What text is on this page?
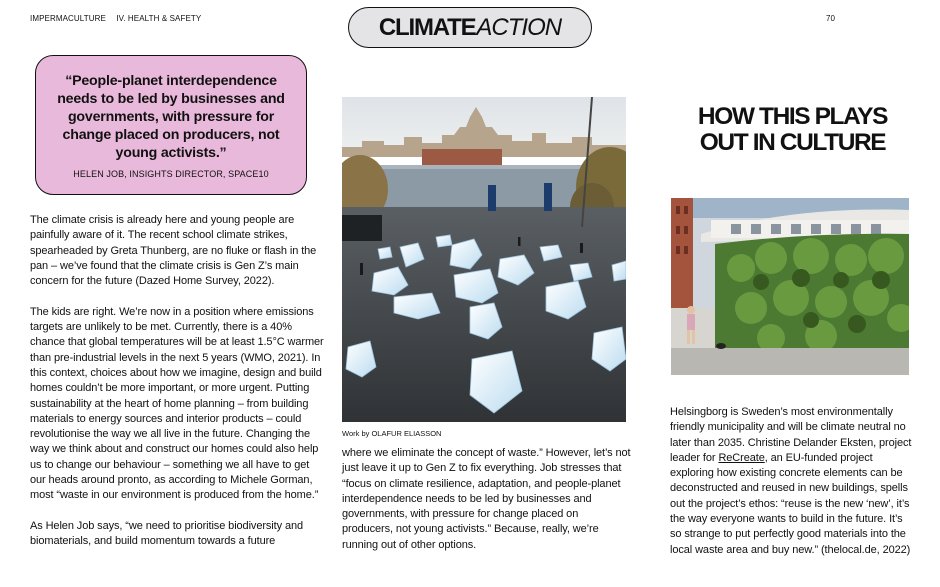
IMPERMACULTURE IV. HEALTH & SAFETY	70
CLIMATE ACTION
“People-planet interdependence needs to be led by businesses and governments, with pressure for change placed on producers, not young activists.”
HELEN JOB, INSIGHTS DIRECTOR, SPACE10

The climate crisis is already here and young people are painfully aware of it. The recent school climate strikes, spearheaded by Greta Thunberg, are no fluke or flash in the pan – we’ve found that the climate crisis is Gen Z’s main concern for the future (Dazed Home Survey, 2022).

The kids are right. We’re now in a position where emissions targets are unlikely to be met. Currently, there is a 40% chance that global temperatures will be at least 1.5°C warmer than pre-industrial levels in the next 5 years (WMO, 2021). In this context, choices about how we imagine, design and build homes couldn’t be more important, or more urgent. Putting sustainability at the heart of home planning – from building materials to energy sources and interior products – could revolutionise the way we all live in the future. Changing the way we think about and construct our homes could also help us to change our behaviour – something we all have to get our heads around pronto, as according to Michele Gorman, most “waste in our environment is produced from the home.”

As Helen Job says, “we need to prioritise biodiversity and biomaterials, and build momentum towards a future

Work by OLAFUR ELIASSON

where we eliminate the concept of waste.” However, let’s not just leave it up to Gen Z to fix everything. Job stresses that “focus on climate resilience, adaptation, and people-planet interdependence needs to be led by businesses and governments, with pressure for change placed on producers, not young activists.” Because, really, we’re running out of other options.

HOW THIS PLAYS OUT IN CULTURE

Helsingborg is Sweden’s most environmentally friendly municipality and will be climate neutral no later than 2035. Christine Delander Eksten, project leader for ReCreate, an EU-funded project exploring how existing concrete elements can be deconstructed and reused in new buildings, spells out the project’s ethos: “reuse is the new ‘new’, it’s the way everyone wants to build in the future. It’s so strange to put perfectly good materials into the local waste area and buy new.” (thelocal.de, 2022)
